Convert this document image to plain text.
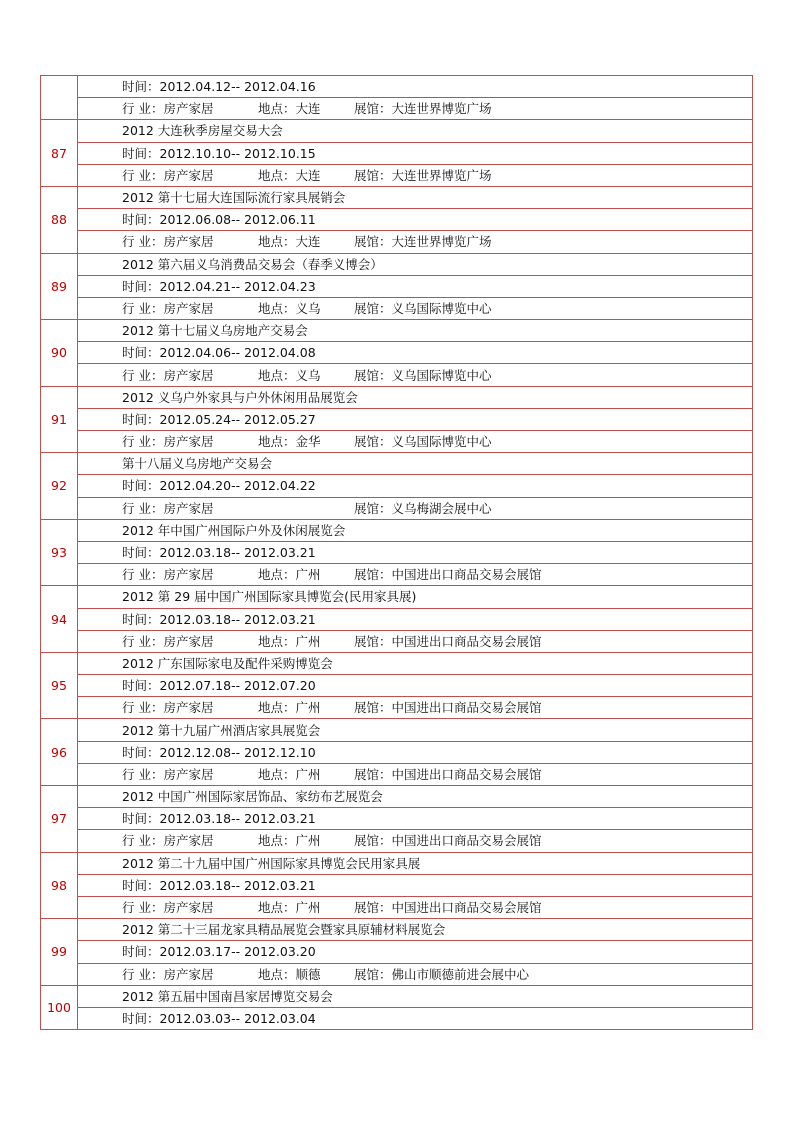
	时间：2012.04.12-- 2012.04.16
	行 业：房产家居 地点：大连 展馆：大连世界博览广场
87	2012 大连秋季房屋交易大会
	时间：2012.10.10-- 2012.10.15
	行 业：房产家居 地点：大连 展馆：大连世界博览广场
88	2012 第十七届大连国际流行家具展销会
	时间：2012.06.08-- 2012.06.11
	行 业：房产家居 地点：大连 展馆：大连世界博览广场
89	2012 第六届义乌消费品交易会（春季义博会）
	时间：2012.04.21-- 2012.04.23
	行 业：房产家居 地点：义乌 展馆：义乌国际博览中心
90	2012 第十七届义乌房地产交易会
	时间：2012.04.06-- 2012.04.08
	行 业：房产家居 地点：义乌 展馆：义乌国际博览中心
91	2012 义乌户外家具与户外休闲用品展览会
	时间：2012.05.24-- 2012.05.27
	行 业：房产家居 地点：金华 展馆：义乌国际博览中心
92	第十八届义乌房地产交易会
	时间：2012.04.20-- 2012.04.22
	行 业：房产家居 展馆：义乌梅湖会展中心
93	2012 年中国广州国际户外及休闲展览会
	时间：2012.03.18-- 2012.03.21
	行 业：房产家居 地点：广州 展馆：中国进出口商品交易会展馆
94	2012 第 29 届中国广州国际家具博览会(民用家具展)
	时间：2012.03.18-- 2012.03.21
	行 业：房产家居 地点：广州 展馆：中国进出口商品交易会展馆
95	2012 广东国际家电及配件采购博览会
	时间：2012.07.18-- 2012.07.20
	行 业：房产家居 地点：广州 展馆：中国进出口商品交易会展馆
96	2012 第十九届广州酒店家具展览会
	时间：2012.12.08-- 2012.12.10
	行 业：房产家居 地点：广州 展馆：中国进出口商品交易会展馆
97	2012 中国广州国际家居饰品、家纺布艺展览会
	时间：2012.03.18-- 2012.03.21
	行 业：房产家居 地点：广州 展馆：中国进出口商品交易会展馆
98	2012 第二十九届中国广州国际家具博览会民用家具展
	时间：2012.03.18-- 2012.03.21
	行 业：房产家居 地点：广州 展馆：中国进出口商品交易会展馆
99	2012 第二十三届龙家具精品展览会暨家具原辅材料展览会
	时间：2012.03.17-- 2012.03.20
	行 业：房产家居 地点：顺德 展馆：佛山市顺德前进会展中心
100	2012 第五届中国南昌家居博览交易会
	时间：2012.03.03-- 2012.03.04
